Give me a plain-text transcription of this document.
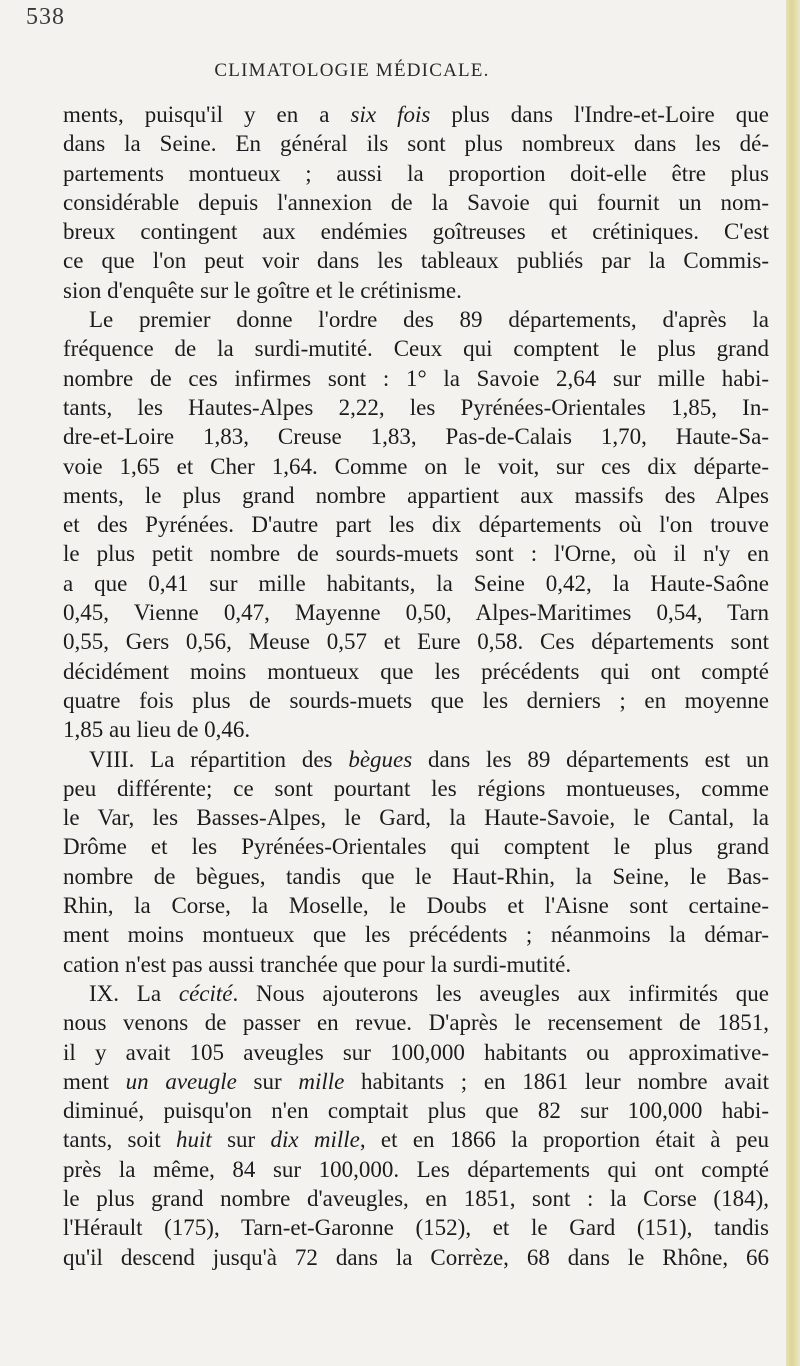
538
CLIMATOLOGIE MÉDICALE.
ments, puisqu'il y en a six fois plus dans l'Indre-et-Loire que
dans la Seine. En général ils sont plus nombreux dans les dé-
partements montueux ; aussi la proportion doit-elle être plus
considérable depuis l'annexion de la Savoie qui fournit un nom-
breux contingent aux endémies goîtreuses et crétiniques. C'est
ce que l'on peut voir dans les tableaux publiés par la Commis-
sion d'enquête sur le goître et le crétinisme.
Le premier donne l'ordre des 89 départements, d'après la
fréquence de la surdi-mutité. Ceux qui comptent le plus grand
nombre de ces infirmes sont : 1° la Savoie 2,64 sur mille habi-
tants, les Hautes-Alpes 2,22, les Pyrénées-Orientales 1,85, In-
dre-et-Loire 1,83, Creuse 1,83, Pas-de-Calais 1,70, Haute-Sa-
voie 1,65 et Cher 1,64. Comme on le voit, sur ces dix départe-
ments, le plus grand nombre appartient aux massifs des Alpes
et des Pyrénées. D'autre part les dix départements où l'on trouve
le plus petit nombre de sourds-muets sont : l'Orne, où il n'y en
a que 0,41 sur mille habitants, la Seine 0,42, la Haute-Saône
0,45, Vienne 0,47, Mayenne 0,50, Alpes-Maritimes 0,54, Tarn
0,55, Gers 0,56, Meuse 0,57 et Eure 0,58. Ces départements sont
décidément moins montueux que les précédents qui ont compté
quatre fois plus de sourds-muets que les derniers ; en moyenne
1,85 au lieu de 0,46.
VIII. La répartition des bègues dans les 89 départements est un
peu différente; ce sont pourtant les régions montueuses, comme
le Var, les Basses-Alpes, le Gard, la Haute-Savoie, le Cantal, la
Drôme et les Pyrénées-Orientales qui comptent le plus grand
nombre de bègues, tandis que le Haut-Rhin, la Seine, le Bas-
Rhin, la Corse, la Moselle, le Doubs et l'Aisne sont certaine-
ment moins montueux que les précédents ; néanmoins la démar-
cation n'est pas aussi tranchée que pour la surdi-mutité.
IX. La cécité. Nous ajouterons les aveugles aux infirmités que
nous venons de passer en revue. D'après le recensement de 1851,
il y avait 105 aveugles sur 100,000 habitants ou approximative-
ment un aveugle sur mille habitants ; en 1861 leur nombre avait
diminué, puisqu'on n'en comptait plus que 82 sur 100,000 habi-
tants, soit huit sur dix mille, et en 1866 la proportion était à peu
près la même, 84 sur 100,000. Les départements qui ont compté
le plus grand nombre d'aveugles, en 1851, sont : la Corse (184),
l'Hérault (175), Tarn-et-Garonne (152), et le Gard (151), tandis
qu'il descend jusqu'à 72 dans la Corrèze, 68 dans le Rhône, 66
